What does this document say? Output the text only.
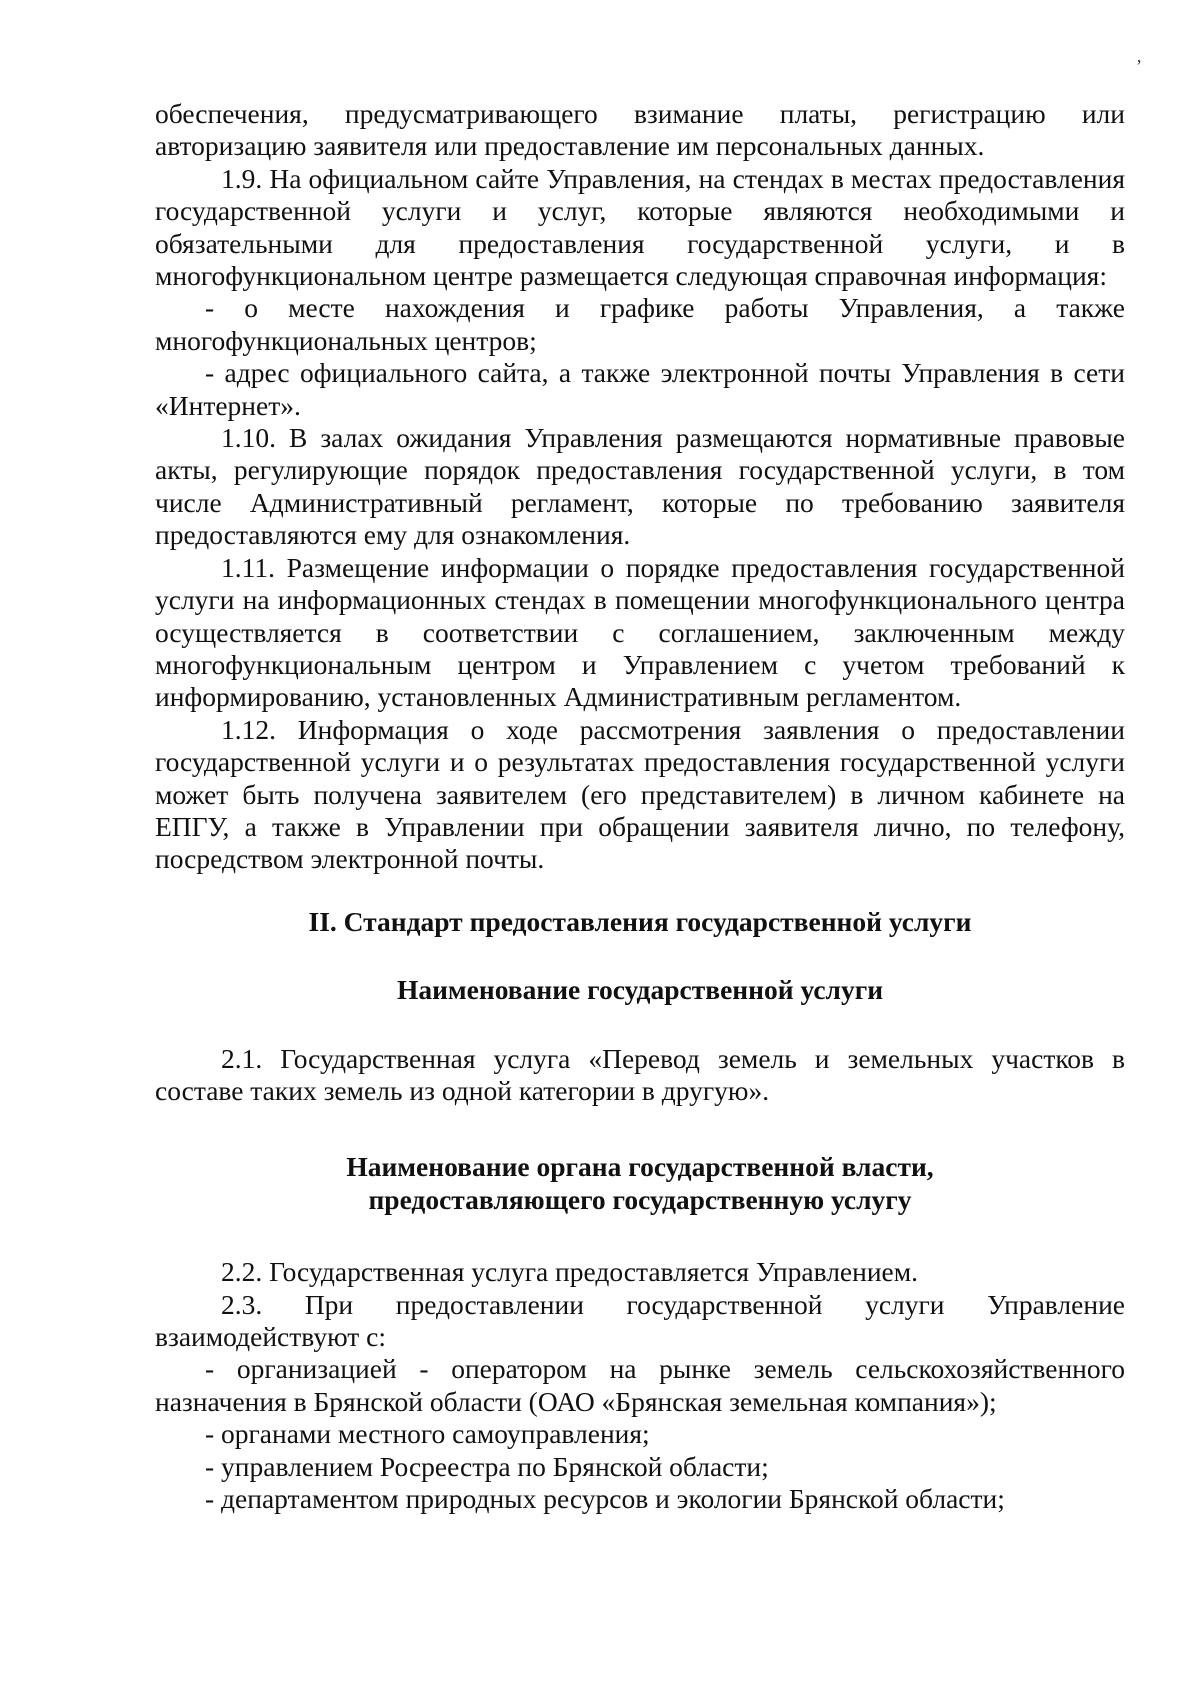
ʼ

обеспечения, предусматривающего взимание платы, регистрацию или авторизацию заявителя или предоставление им персональных данных.

1.9. На официальном сайте Управления, на стендах в местах предоставления государственной услуги и услуг, которые являются необходимыми и обязательными для предоставления государственной услуги, и в многофункциональном центре размещается следующая справочная информация:

- о месте нахождения и графике работы Управления, а также многофункциональных центров;

- адрес официального сайта, а также электронной почты Управления в сети «Интернет».

1.10. В залах ожидания Управления размещаются нормативные правовые акты, регулирующие порядок предоставления государственной услуги, в том числе Административный регламент, которые по требованию заявителя предоставляются ему для ознакомления.

1.11. Размещение информации о порядке предоставления государственной услуги на информационных стендах в помещении многофункционального центра осуществляется в соответствии с соглашением, заключенным между многофункциональным центром и Управлением с учетом требований к информированию, установленных Административным регламентом.

1.12. Информация о ходе рассмотрения заявления о предоставлении государственной услуги и о результатах предоставления государственной услуги может быть получена заявителем (его представителем) в личном кабинете на ЕПГУ, а также в Управлении при обращении заявителя лично, по телефону, посредством электронной почты.

II. Стандарт предоставления государственной услуги

Наименование государственной услуги

2.1. Государственная услуга «Перевод земель и земельных участков в составе таких земель из одной категории в другую».

Наименование органа государственной власти,

предоставляющего государственную услугу

2.2. Государственная услуга предоставляется Управлением.

2.3. При предоставлении государственной услуги Управление взаимодействуют с:

- организацией - оператором на рынке земель сельскохозяйственного назначения в Брянской области (ОАО «Брянская земельная компания»);

- органами местного самоуправления;

- управлением Росреестра по Брянской области;

- департаментом природных ресурсов и экологии Брянской области;
